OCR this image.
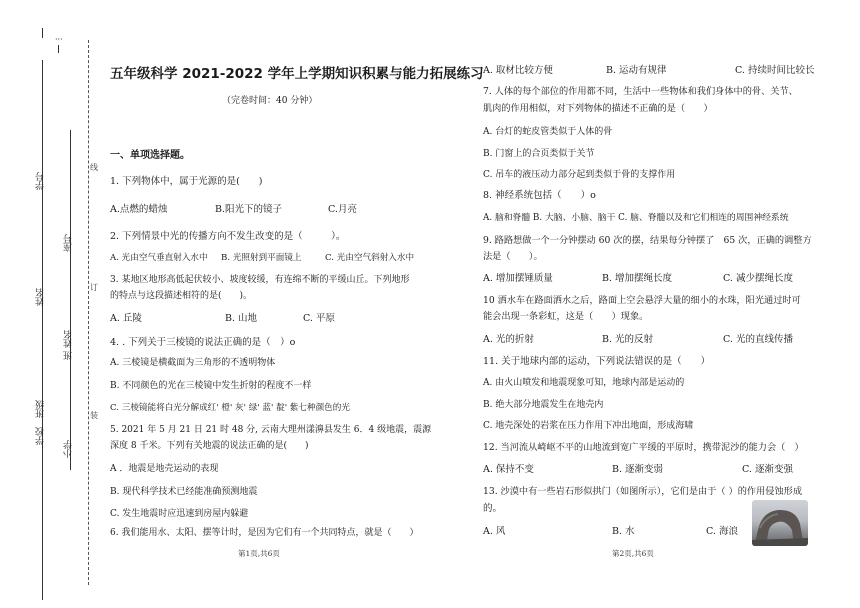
···
学号
座号
姓名
班 姓名
学校　班级
小学
线
订
装
五年级科学 2021-2022 学年上学期知识积累与能力拓展练习
（完卷时间：40 分钟）
一、单项选择题。
1. 下列物体中，属于光源的是(　　)
A.点燃的蜡烛	B.阳光下的镜子	C.月亮
2. 下列情景中光的传播方向不发生改变的是（　　　）。
A. 光由空气垂直射入水中 B. 光照射到平面镜上	C. 光由空气斜射入水中
3. 某地区地形高低起伏较小、坡度较缓，有连绵不断的平缓山丘。下列地形
的特点与这段描述相符的是(　　)。
A. 丘陵	B. 山地	C. 平原
4. . 下列关于三棱镜的说法正确的是（　）o
A. 三棱镜是横截面为三角形的不透明物体
B. 不同颜色的光在三棱镜中发生折射的程度不一样
C. 三棱镜能将白光分解成红' 橙' 灰' 绿' 蓝' 靛' 紫七种颜色的光
5. 2021 年 5 月 21 日 21 时 48 分, 云南大理州漾濞县发生 6．4 级地震，震源
深度 8 千米。下列有关地震的说法正确的是(　　)
A ．地震是地壳运动的表现
B. 现代科学技术已经能准确预测地震
C. 发生地震时应迅速到房屋内躲避
6. 我们能用水、太阳、摆等计时，是因为它们有一个共同特点，就是（　　）
第1页,共6页
A. 取材比较方便	B. 运动有规律	C. 持续时间比较长
7. 人体的每个部位的作用都不同，生活中一些物体和我们身体中的骨、关节、
肌肉的作用相似，对下列物体的描述不正确的是（　　）
A. 台灯的蛇皮管类似于人体的骨
B. 门窗上的合页类似于关节
C. 吊车的液压动力部分起到类似于骨的支撑作用
8. 神经系统包括（　　）o
A. 脑和脊髓 B. 大脑、小脑、脑干 C. 脑、脊髓以及和它们相连的周围神经系统
9. 路路想做一个一分钟摆动 60 次的摆，结果每分钟摆了　65 次，正确的调整方
法是（　　）。
A. 增加摆锤质量	B. 增加摆绳长度	C. 减少摆绳长度
10 洒水车在路面洒水之后，路面上空会悬浮大量的细小的水珠，阳光通过时可
能会出现一条彩虹，这是（　　）现象。
A. 光的折射	B. 光的反射	C. 光的直线传播
11. 关于地球内部的运动，下列说法错误的是（　　）
A. 由火山喷发和地震现象可知，地球内部是运动的
B. 绝大部分地震发生在地壳内
C. 地壳深处的岩浆在压力作用下冲出地面，形成海啸
12. 当河流从崎岖不平的山地流到宽广平缓的平原时，携带泥沙的能力会（　）
A. 保持不变	B. 逐渐变弱	C. 逐渐变强
13. 沙漠中有一些岩石形似拱门（如图所示），它们是由于（ ）的作用侵蚀形成
的。
A. 风	B. 水	C. 海浪
第2页,共6页
